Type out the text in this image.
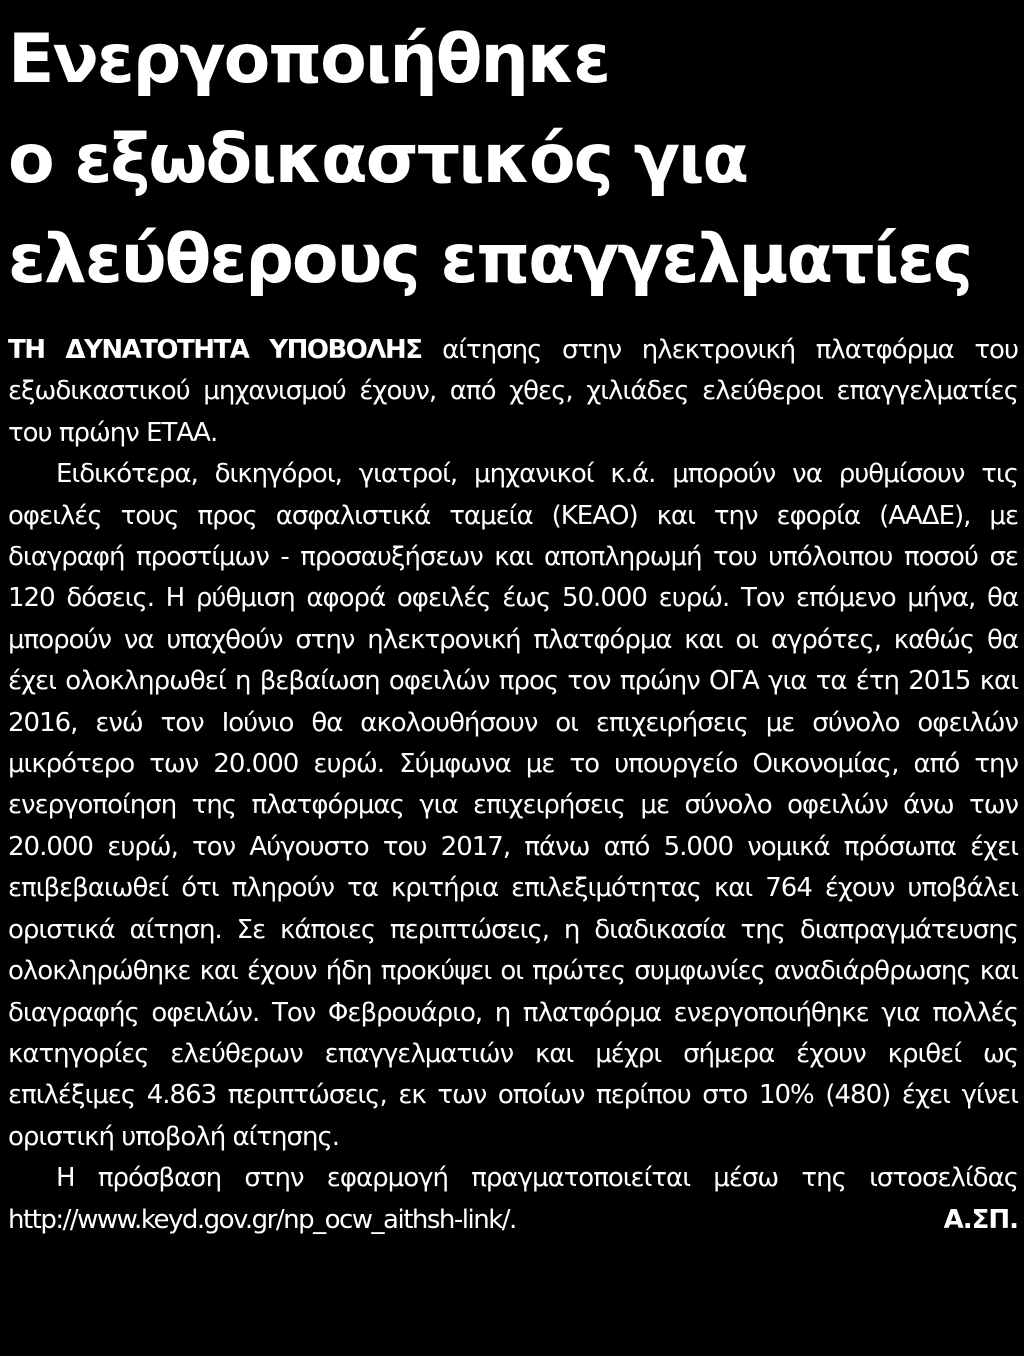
Ενεργοποιήθηκε
ο εξωδικαστικός για
ελεύθερους επαγγελματίες

ΤΗ ΔΥΝΑΤΟΤΗΤΑ ΥΠΟΒΟΛΗΣ αίτησης στην ηλεκτρονική πλατφόρμα του εξωδικαστικού μηχανισμού έχουν, από χθες, χιλιάδες ελεύθεροι επαγγελματίες του πρώην ΕΤΑΑ.

Ειδικότερα, δικηγόροι, γιατροί, μηχανικοί κ.ά. μπορούν να ρυθμίσουν τις οφειλές τους προς ασφαλιστικά ταμεία (ΚΕΑΟ) και την εφορία (ΑΑΔΕ), με διαγραφή προστίμων - προσαυξήσεων και αποπληρωμή του υπόλοιπου ποσού σε 120 δόσεις. Η ρύθμιση αφορά οφειλές έως 50.000 ευρώ. Τον επόμενο μήνα, θα μπορούν να υπαχθούν στην ηλεκτρονική πλατφόρμα και οι αγρότες, καθώς θα έχει ολοκληρωθεί η βεβαίωση οφειλών προς τον πρώην ΟΓΑ για τα έτη 2015 και 2016, ενώ τον Ιούνιο θα ακολουθήσουν οι επιχειρήσεις με σύνολο οφειλών μικρότερο των 20.000 ευρώ. Σύμφωνα με το υπουργείο Οικονομίας, από την ενεργοποίηση της πλατφόρμας για επιχειρήσεις με σύνολο οφειλών άνω των 20.000 ευρώ, τον Αύγουστο του 2017, πάνω από 5.000 νομικά πρόσωπα έχει επιβεβαιωθεί ότι πληρούν τα κριτήρια επιλεξιμότητας και 764 έχουν υποβάλει οριστικά αίτηση. Σε κάποιες περιπτώσεις, η διαδικασία της διαπραγμάτευσης ολοκληρώθηκε και έχουν ήδη προκύψει οι πρώτες συμφωνίες αναδιάρθρωσης και διαγραφής οφειλών. Τον Φεβρουάριο, η πλατφόρμα ενεργοποιήθηκε για πολλές κατηγορίες ελεύθερων επαγγελματιών και μέχρι σήμερα έχουν κριθεί ως επιλέξιμες 4.863 περιπτώσεις, εκ των οποίων περίπου στο 10% (480) έχει γίνει οριστική υποβολή αίτησης.

Η πρόσβαση στην εφαρμογή πραγματοποιείται μέσω της ιστοσελίδας http://www.keyd.gov.gr/np_ocw_aithsh-link/.	Α.ΣΠ.
